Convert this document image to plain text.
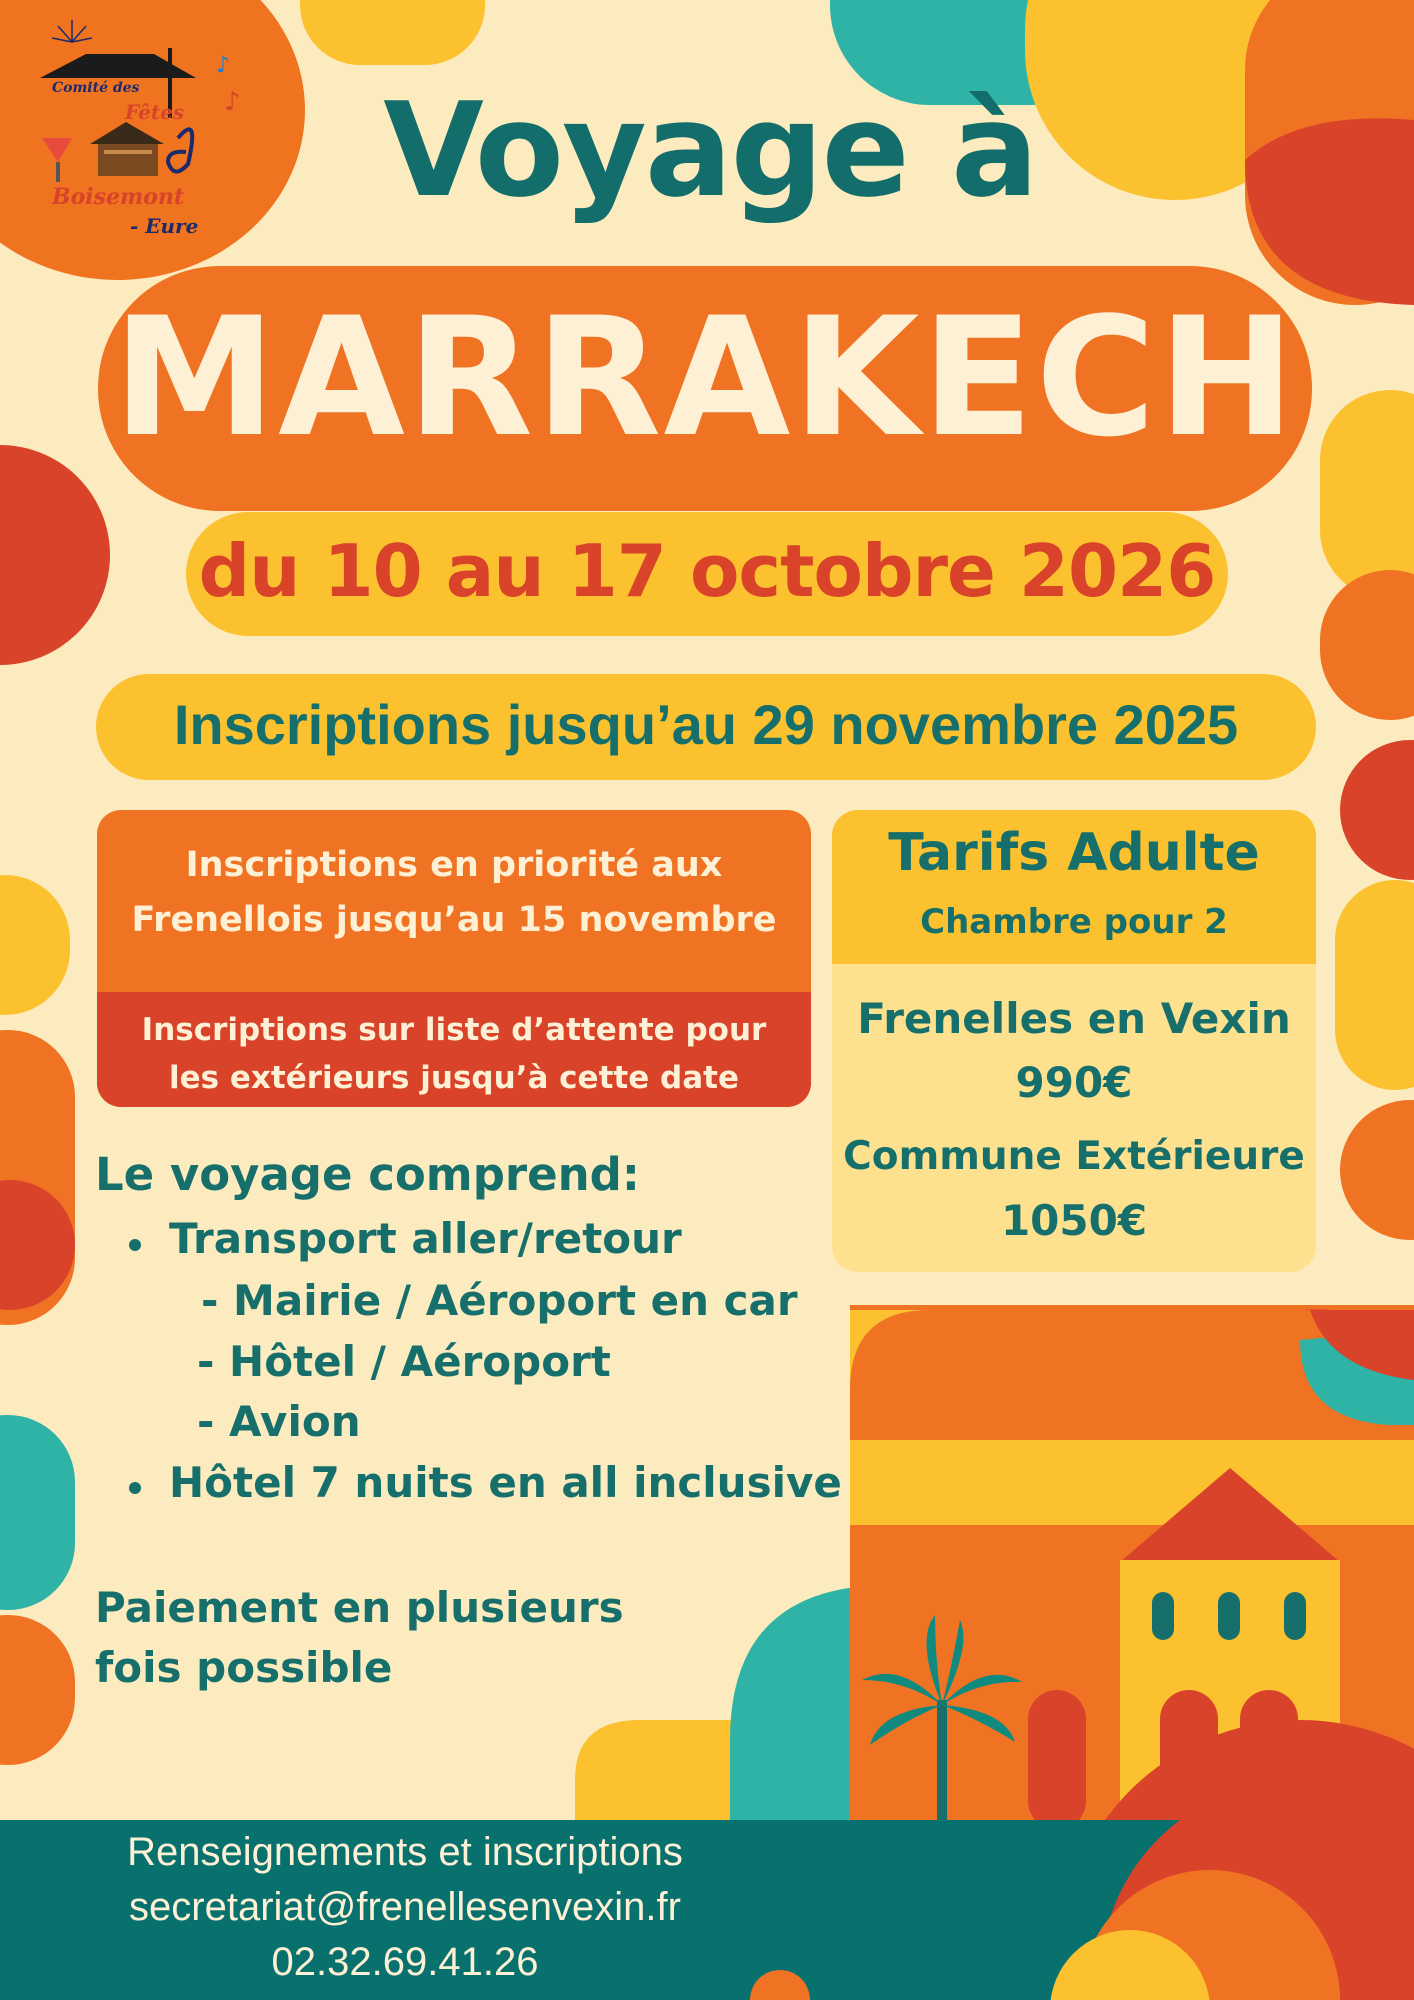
♪
♪
Comité des
Fêtes
Boisemont
- Eure	Voyage à
MARRAKECH
du 10 au 17 octobre 2026
Inscriptions jusqu’au 29 novembre 2025
Inscriptions en priorité aux
Frenellois jusqu’au 15 novembre
Inscriptions sur liste d’attente pour
les extérieurs jusqu’à cette date
Tarifs Adulte
Chambre pour 2
Frenelles en Vexin
990€
Commune Extérieure
1050€
Le voyage comprend:
Transport aller/retour
- Mairie / Aéroport en car
- Hôtel / Aéroport
- Avion
Hôtel 7 nuits en all inclusive
Paiement en plusieurs fois possible
Renseignements et inscriptions
secretariat@frenellesenvexin.fr
02.32.69.41.26
